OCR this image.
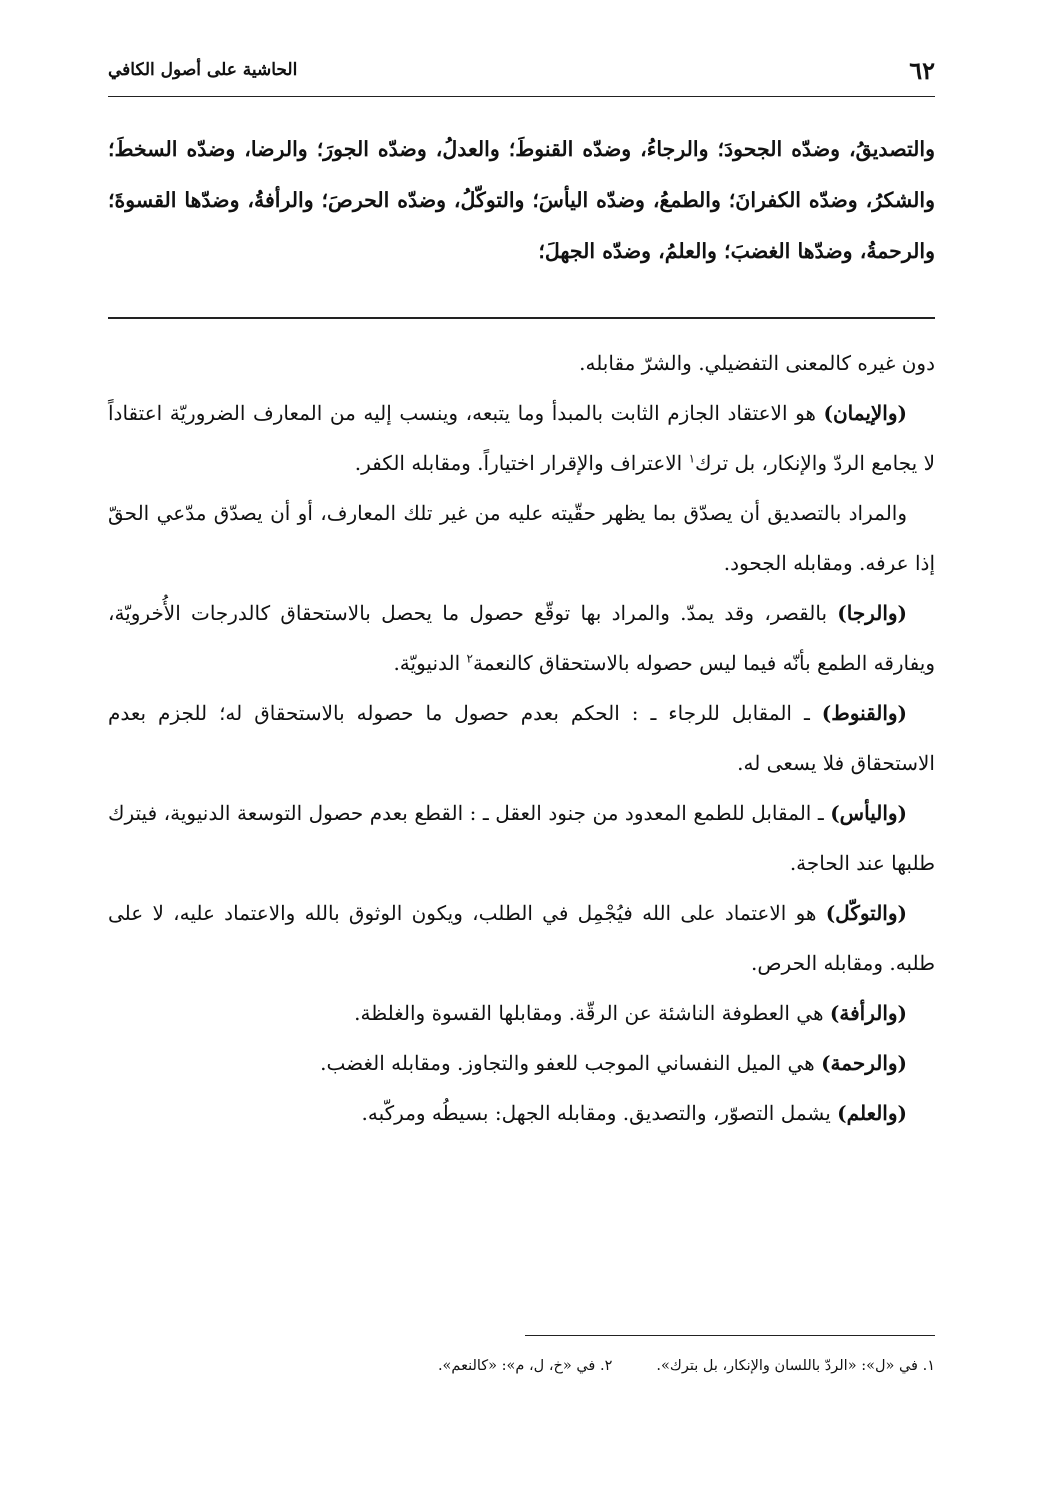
٦٢
الحاشية على أصول الكافي
والتصديقُ، وضدّه الجحودَ؛ والرجاءُ، وضدّه القنوطَ؛ والعدلُ، وضدّه الجورَ؛ والرضا، وضدّه السخطَ؛ والشكرُ، وضدّه الكفرانَ؛ والطمعُ، وضدّه اليأسَ؛ والتوكّلُ، وضدّه الحرصَ؛ والرأفةُ، وضدّها القسوةَ؛ والرحمةُ، وضدّها الغضبَ؛ والعلمُ، وضدّه الجهلَ؛

دون غيره كالمعنى التفضيلي. والشرّ مقابله.

(والإيمان) هو الاعتقاد الجازم الثابت بالمبدأ وما يتبعه، وينسب إليه من المعارف الضروريّة اعتقاداً لا يجامع الردّ والإنكار، بل ترك$^١$ الاعتراف والإقرار اختياراً. ومقابله الكفر.

والمراد بالتصديق أن يصدّق بما يظهر حقّيته عليه من غير تلك المعارف، أو أن يصدّق مدّعي الحقّ إذا عرفه. ومقابله الجحود.

(والرجا) بالقصر، وقد يمدّ. والمراد بها توقّع حصول ما يحصل بالاستحقاق كالدرجات الأُخرويّة، ويفارقه الطمع بأنّه فيما ليس حصوله بالاستحقاق كالنعمة$^٢$ الدنيويّة.

(والقنوط) ـ المقابل للرجاء ـ : الحكم بعدم حصول ما حصوله بالاستحقاق له؛ للجزم بعدم الاستحقاق فلا يسعى له.

(واليأس) ـ المقابل للطمع المعدود من جنود العقل ـ : القطع بعدم حصول التوسعة الدنيوية، فيترك طلبها عند الحاجة.

(والتوكّل) هو الاعتماد على الله فيُجْمِل في الطلب، ويكون الوثوق بالله والاعتماد عليه، لا على طلبه. ومقابله الحرص.

(والرأفة) هي العطوفة الناشئة عن الرقّة. ومقابلها القسوة والغلظة.

(والرحمة) هي الميل النفساني الموجب للعفو والتجاوز. ومقابله الغضب.

(والعلم) يشمل التصوّر، والتصديق. ومقابله الجهل: بسيطُه ومركّبه.

١. في «ل»: «الردّ باللسان والإنكار، بل بترك».
٢. في «خ، ل، م»: «كالنعم».
